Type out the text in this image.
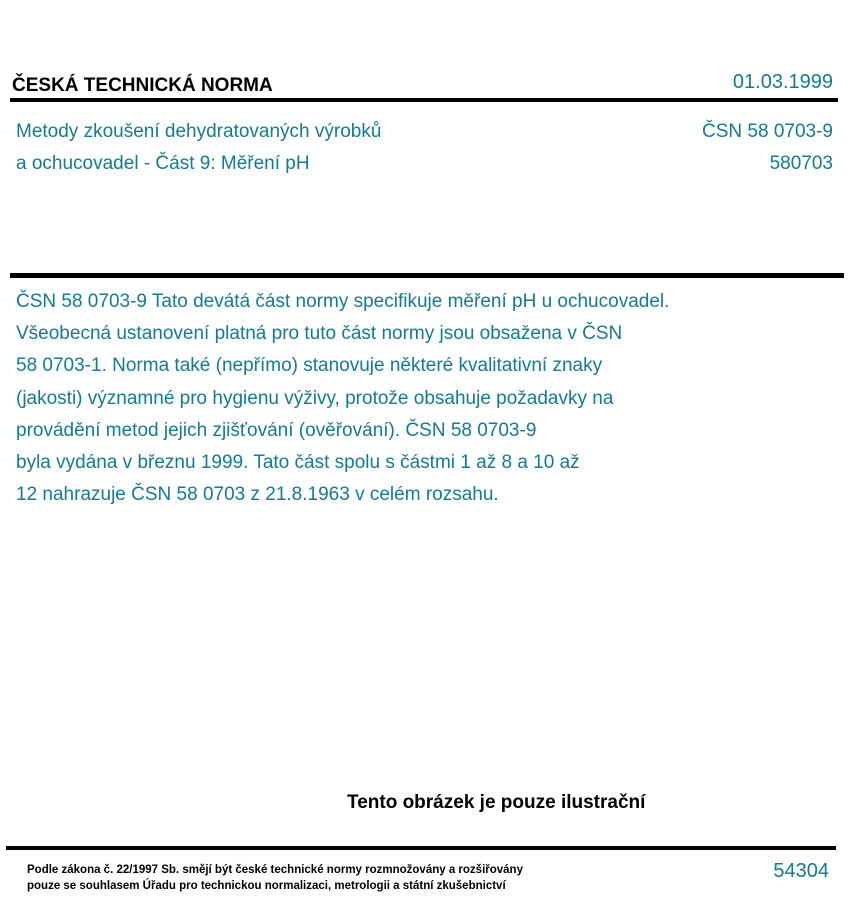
ČESKÁ TECHNICKÁ NORMA	01.03.1999
Metody zkoušení dehydratovaných výrobků
a ochucovadel - Část 9: Měření pH
ČSN 58 0703-9
580703

ČSN 58 0703-9 Tato devátá část normy specifikuje měření pH u ochucovadel.

Všeobecná ustanovení platná pro tuto část normy jsou obsažena v ČSN

58 0703-1. Norma také (nepřímo) stanovuje některé kvalitativní znaky

(jakosti) významné pro hygienu výživy, protože obsahuje požadavky na

provádění metod jejich zjišťování (ověřování). ČSN 58 0703-9

byla vydána v březnu 1999. Tato část spolu s částmi 1 až 8 a 10 až

12 nahrazuje ČSN 58 0703 z 21.8.1963 v celém rozsahu.

Tento obrázek je pouze ilustrační

Podle zákona č. 22/1997 Sb. smějí být české technické normy rozmnožovány a rozšiřovány

pouze se souhlasem Úřadu pro technickou normalizaci, metrologii a státní zkušebnictví

54304
